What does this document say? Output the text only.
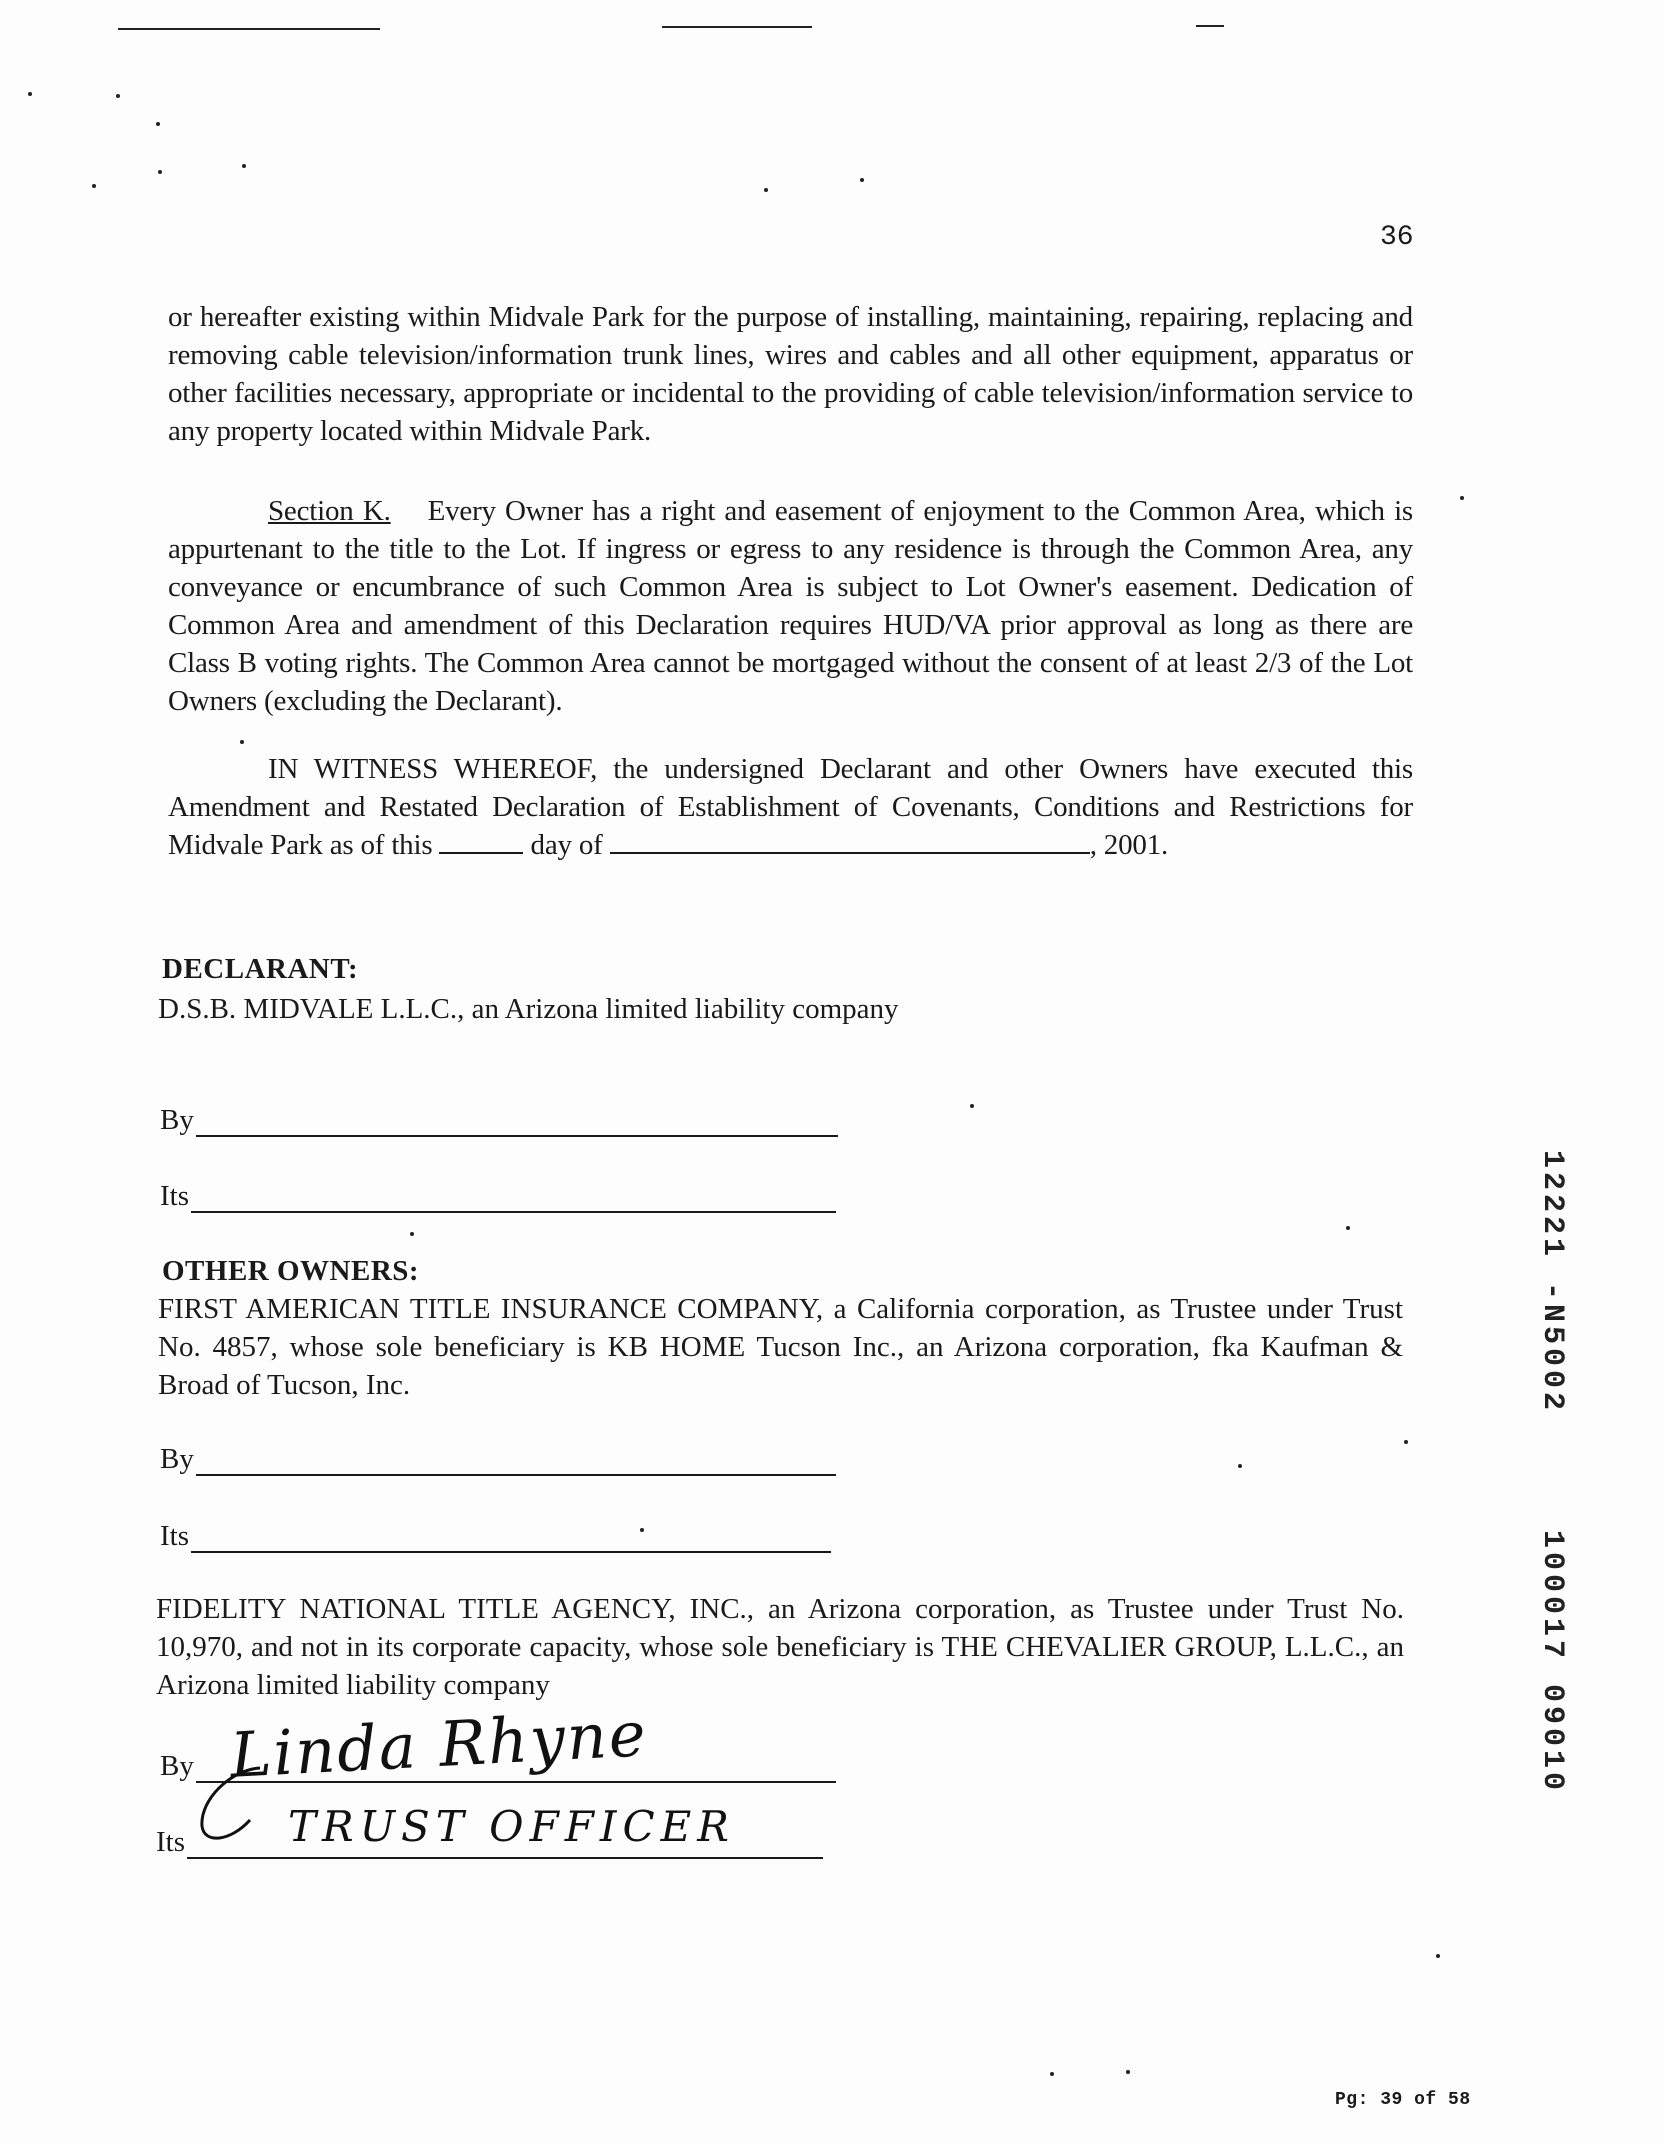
36
or hereafter existing within Midvale Park for the purpose of installing, maintaining, repairing, replacing and removing cable television/information trunk lines, wires and cables and all other equipment, apparatus or other facilities necessary, appropriate or incidental to the providing of cable television/information service to any property located within Midvale Park.
Section K. Every Owner has a right and easement of enjoyment to the Common Area, which is appurtenant to the title to the Lot. If ingress or egress to any residence is through the Common Area, any conveyance or encumbrance of such Common Area is subject to Lot Owner's easement. Dedication of Common Area and amendment of this Declaration requires HUD/VA prior approval as long as there are Class B voting rights. The Common Area cannot be mortgaged without the consent of at least 2/3 of the Lot Owners (excluding the Declarant).
IN WITNESS WHEREOF, the undersigned Declarant and other Owners have executed this Amendment and Restated Declaration of Establishment of Covenants, Conditions and Restrictions for Midvale Park as of this	day of	, 2001.
DECLARANT:
D.S.B. MIDVALE L.L.C., an Arizona limited liability company
By
Its
OTHER OWNERS:
FIRST AMERICAN TITLE INSURANCE COMPANY, a California corporation, as Trustee under Trust No. 4857, whose sole beneficiary is KB HOME Tucson Inc., an Arizona corporation, fka Kaufman & Broad of Tucson, Inc.
By
Its
FIDELITY NATIONAL TITLE AGENCY, INC., an Arizona corporation, as Trustee under Trust No. 10,970, and not in its corporate capacity, whose sole beneficiary is THE CHEVALIER GROUP, L.L.C., an Arizona limited liability company
By Linda Rhyne
Its TRUST OFFICER
12221 -N5002
100017 09010
Pg: 39 of 58
